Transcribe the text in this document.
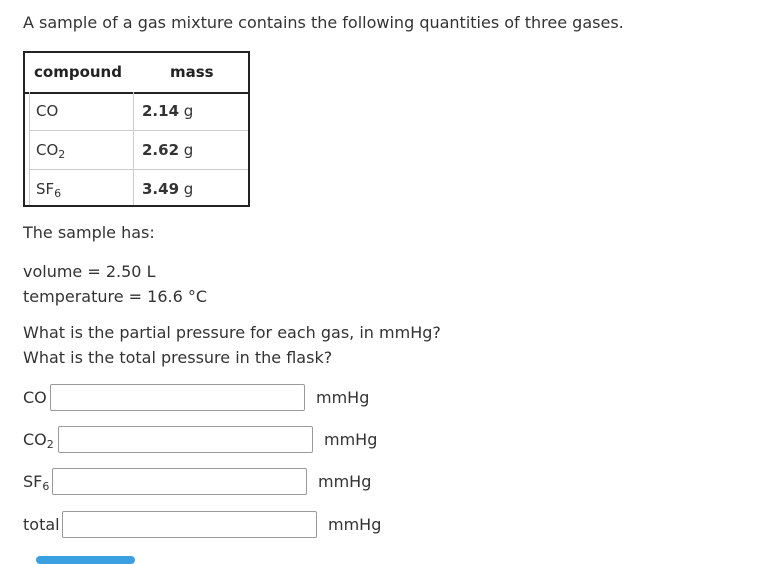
A sample of a gas mixture contains the following quantities of three gases.
compound	mass
CO	2.14 g
$CO_2$	2.62 g
$SF_6$	3.49 g
The sample has:
volume = 2.50 L
temperature = 16.6 °C
What is the partial pressure for each gas, in mmHg?
What is the total pressure in the flask?
CO	mmHg
$CO_2$	mmHg
$SF_6$	mmHg
total	mmHg
